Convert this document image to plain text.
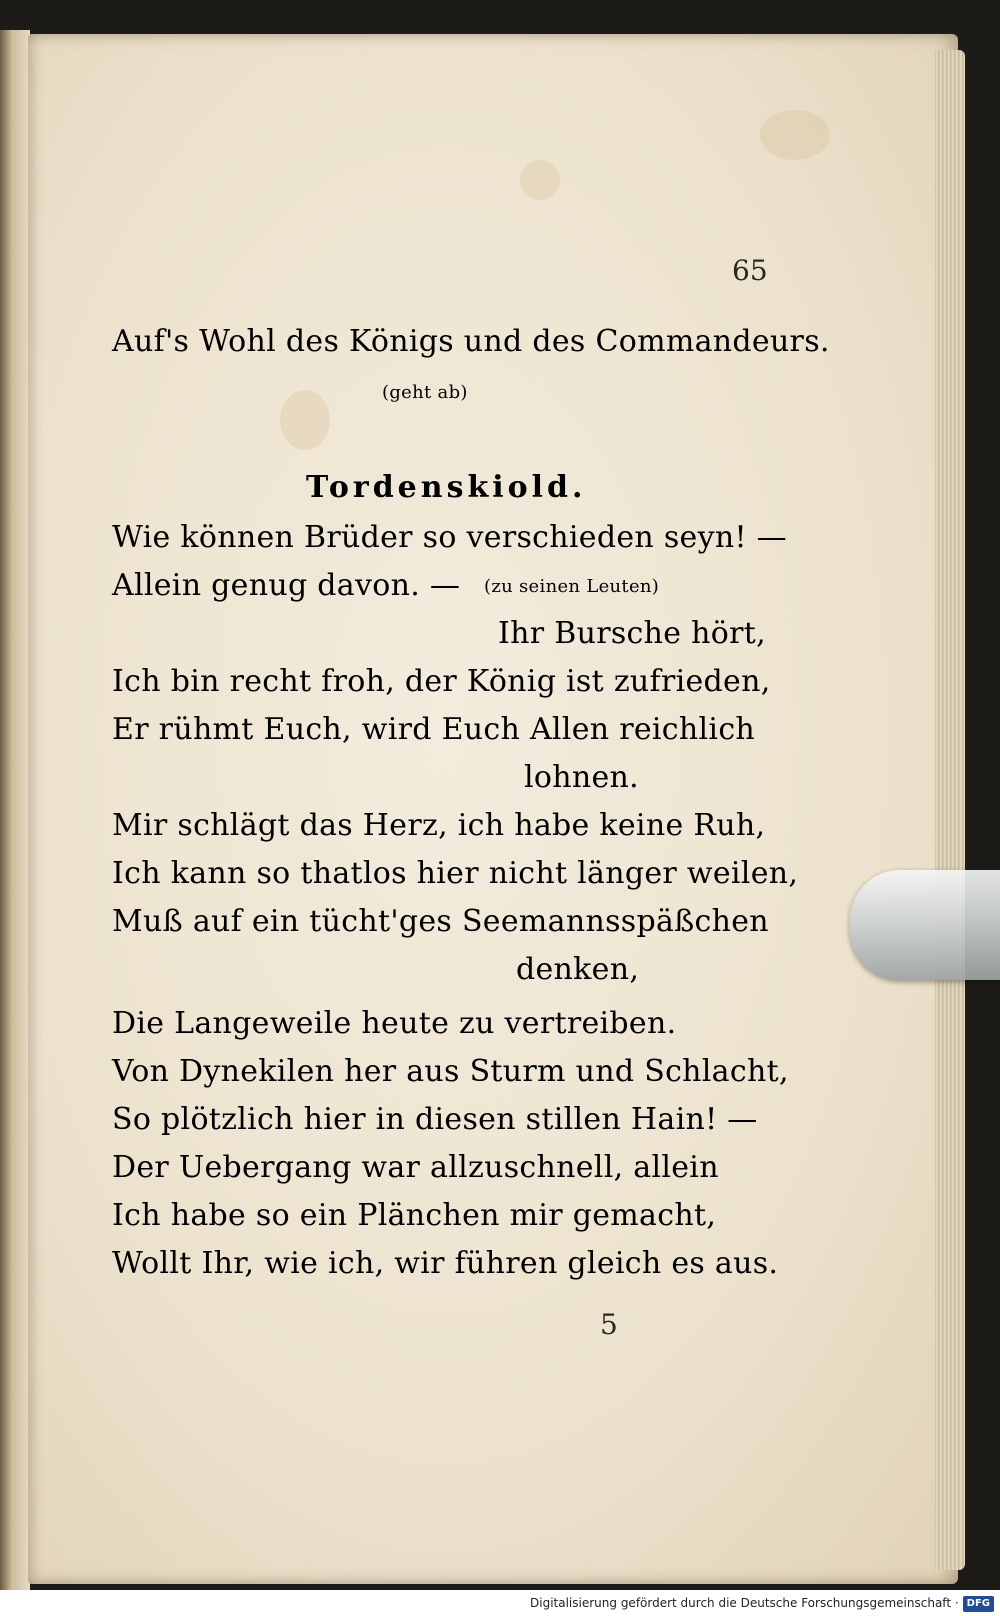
65
Auf's Wohl des Königs und des Commandeurs.
(geht ab)
Tordenskiold.
Wie können Brüder so verschieden seyn! —
Allein genug davon. — (zu seinen Leuten)
Ihr Bursche hört,
Ich bin recht froh, der König ist zufrieden,
Er rühmt Euch, wird Euch Allen reichlich
lohnen.
Mir schlägt das Herz, ich habe keine Ruh,
Ich kann so thatlos hier nicht länger weilen,
Muß auf ein tücht'ges Seemannsspäßchen
denken,
Die Langeweile heute zu vertreiben.
Von Dynekilen her aus Sturm und Schlacht,
So plötzlich hier in diesen stillen Hain! —
Der Uebergang war allzuschnell, allein
Ich habe so ein Plänchen mir gemacht,
Wollt Ihr, wie ich, wir führen gleich es aus.
5
Digitalisierung gefördert durch die Deutsche Forschungsgemeinschaft · DFG
